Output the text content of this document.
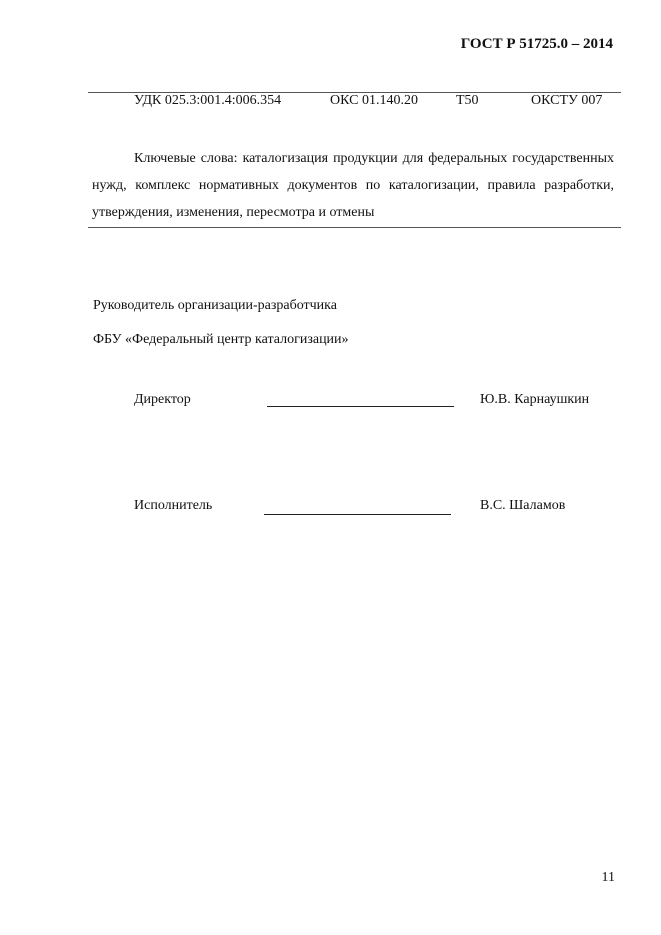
ГОСТ Р 51725.0 – 2014
УДК 025.3:001.4:006.354	ОКС 01.140.20	Т50	ОКСТУ 007
Ключевые слова: каталогизация продукции для федеральных государственных нужд, комплекс нормативных документов по каталогизации, правила разработки, утверждения, изменения, пересмотра и отмены
Руководитель организации-разработчика
ФБУ «Федеральный центр каталогизации»
Директор	Ю.В. Карнаушкин
Исполнитель	В.С. Шаламов
11
